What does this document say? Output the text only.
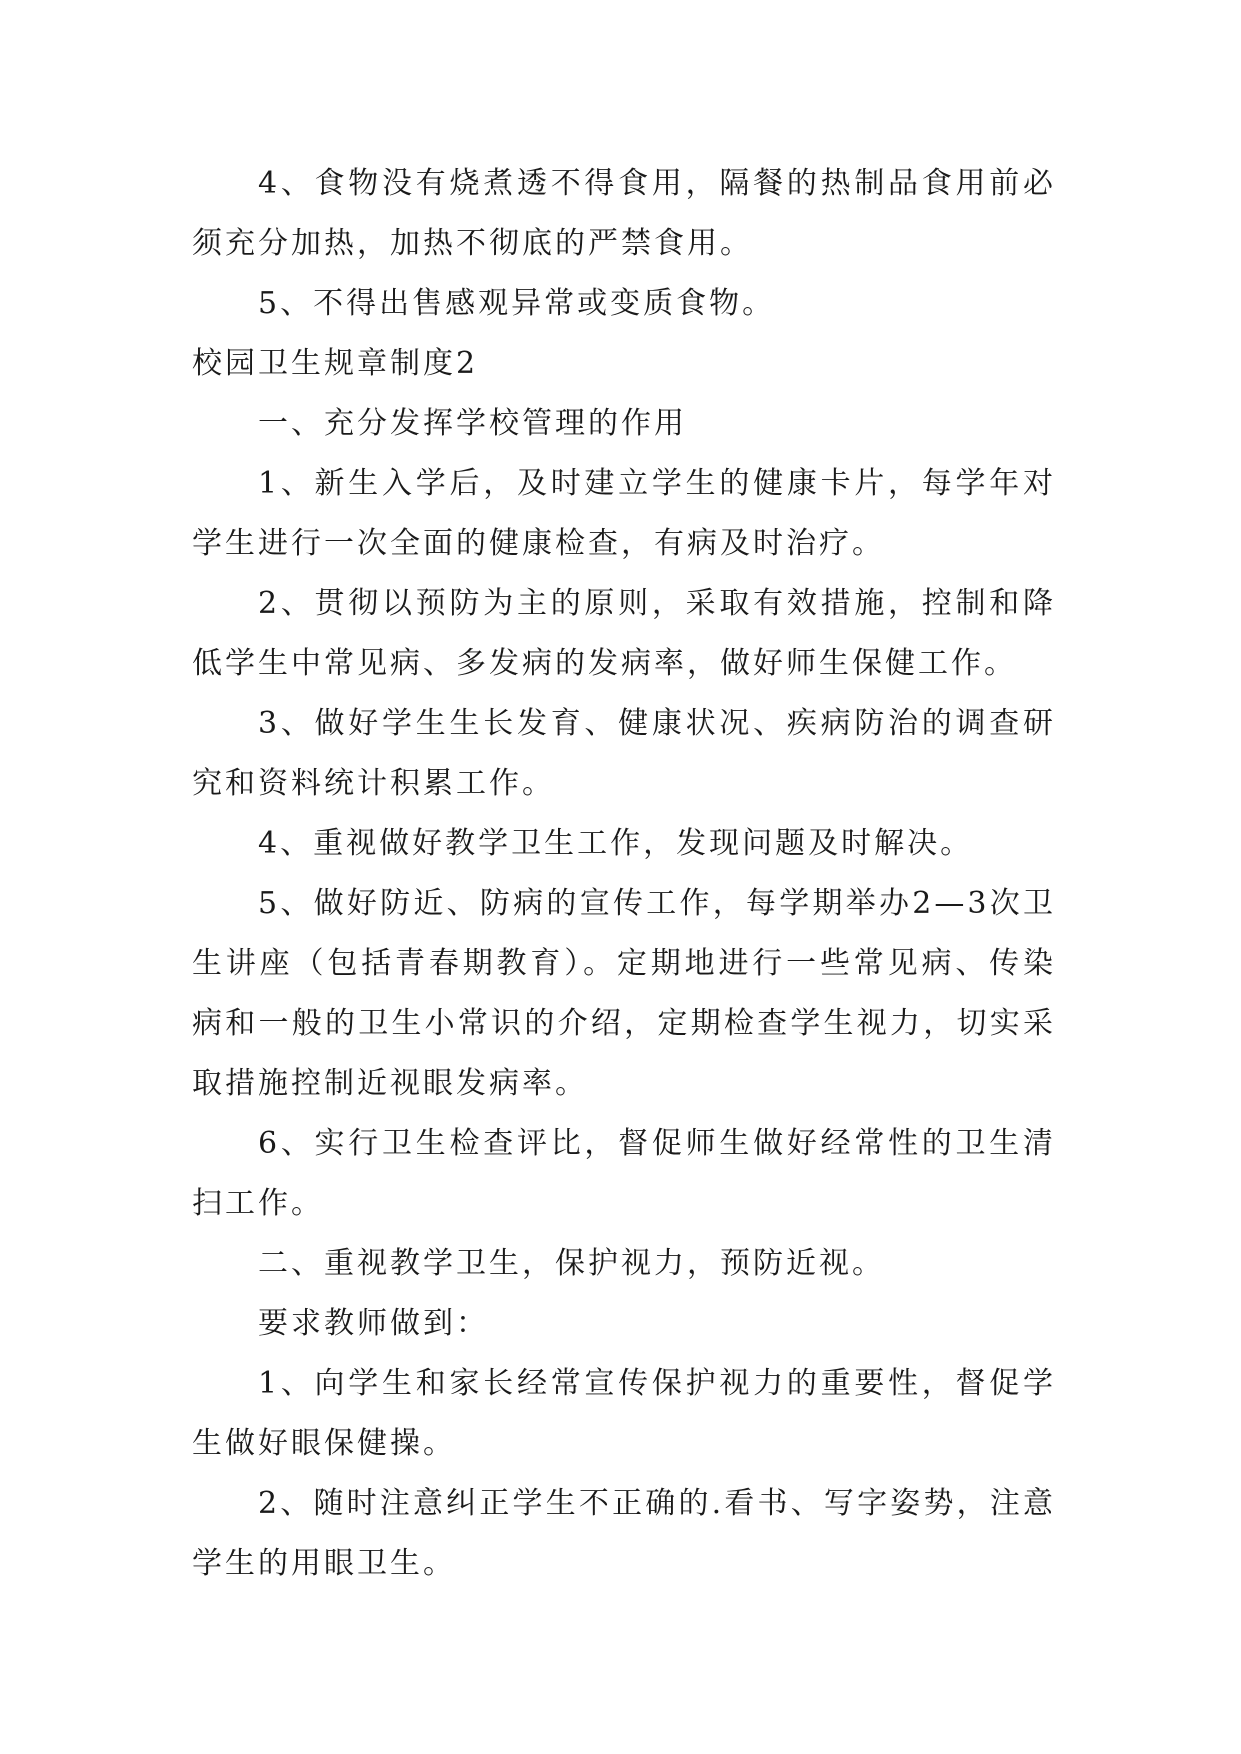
4、食物没有烧煮透不得食用，隔餐的热制品食用前必须充分加热，加热不彻底的严禁食用。

5、不得出售感观异常或变质食物。

校园卫生规章制度2

一、充分发挥学校管理的作用

1、新生入学后，及时建立学生的健康卡片，每学年对学生进行一次全面的健康检查，有病及时治疗。

2、贯彻以预防为主的原则，采取有效措施，控制和降低学生中常见病、多发病的发病率，做好师生保健工作。

3、做好学生生长发育、健康状况、疾病防治的调查研究和资料统计积累工作。

4、重视做好教学卫生工作，发现问题及时解决。

5、做好防近、防病的宣传工作，每学期举办2—3次卫生讲座（包括青春期教育）。定期地进行一些常见病、传染病和一般的卫生小常识的介绍，定期检查学生视力，切实采取措施控制近视眼发病率。

6、实行卫生检查评比，督促师生做好经常性的卫生清扫工作。

二、重视教学卫生，保护视力，预防近视。

要求教师做到：

1、向学生和家长经常宣传保护视力的重要性，督促学生做好眼保健操。

2、随时注意纠正学生不正确的.看书、写字姿势，注意学生的用眼卫生。
